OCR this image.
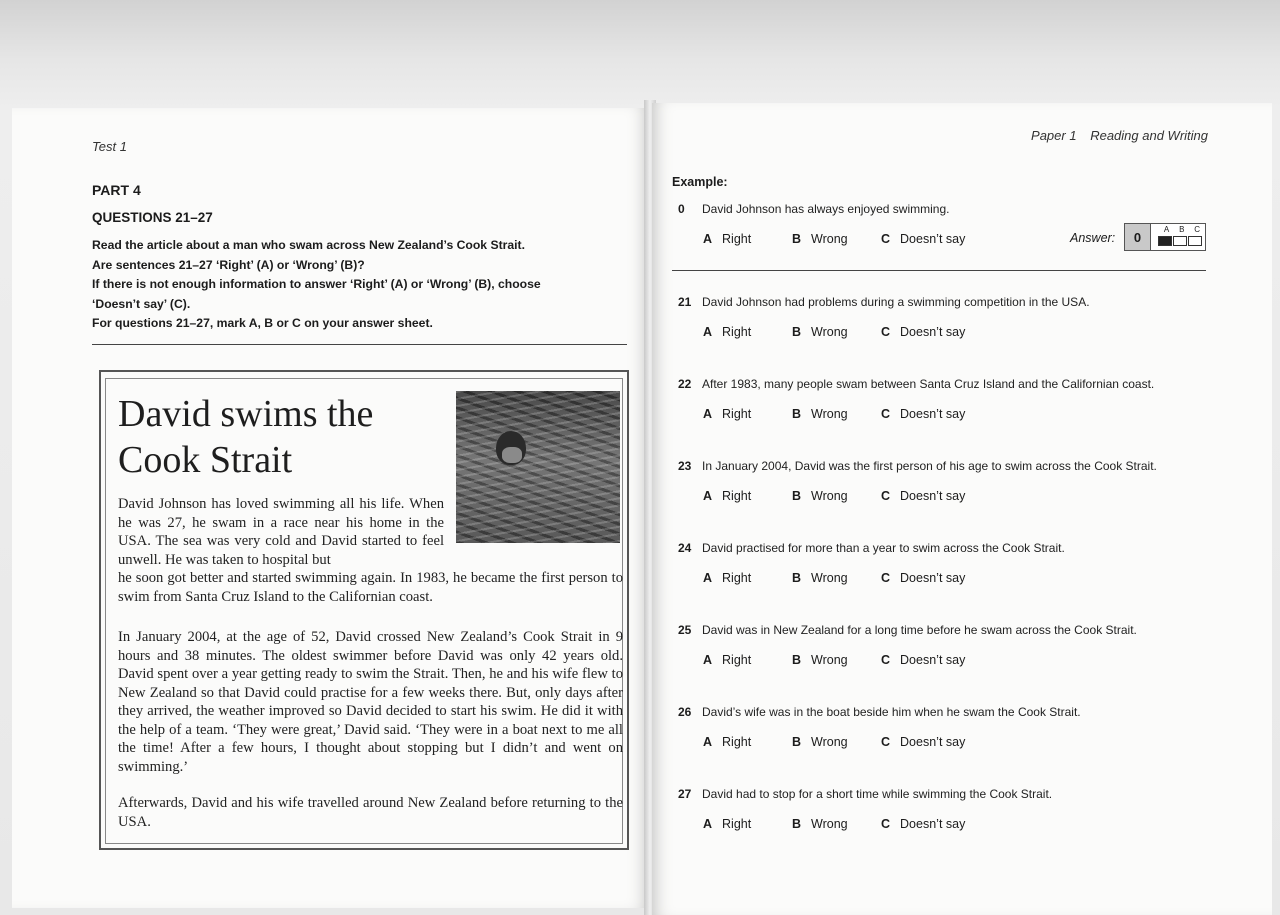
Test 1
PART 4
QUESTIONS 21–27
Read the article about a man who swam across New Zealand’s Cook Strait.
Are sentences 21–27 ‘Right’ (A) or ‘Wrong’ (B)?
If there is not enough information to answer ‘Right’ (A) or ‘Wrong’ (B), choose
‘Doesn’t say’ (C).
For questions 21–27, mark A, B or C on your answer sheet.
David swims the Cook Strait
David Johnson has loved swimming all his life. When he was 27, he swam in a race near his home in the USA. The sea was very cold and David started to feel unwell. He was taken to hospital but
he soon got better and started swimming again. In 1983, he became the first person to swim from Santa Cruz Island to the Californian coast.
In January 2004, at the age of 52, David crossed New Zealand’s Cook Strait in 9 hours and 38 minutes. The oldest swimmer before David was only 42 years old. David spent over a year getting ready to swim the Strait. Then, he and his wife flew to New Zealand so that David could practise for a few weeks there. But, only days after they arrived, the weather improved so David decided to start his swim. He did it with the help of a team. ‘They were great,’ David said. ‘They were in a boat next to me all the time! After a few hours, I thought about stopping but I didn’t and went on swimming.’
Afterwards, David and his wife travelled around New Zealand before returning to the USA.
Paper 1 Reading and Writing
Example:
0 David Johnson has always enjoyed swimming.
A Right	B Wrong	C Doesn’t say	Answer:	0	A B C
21 David Johnson had problems during a swimming competition in the USA.
A Right	B Wrong	C Doesn’t say
22 After 1983, many people swam between Santa Cruz Island and the Californian coast.
A Right	B Wrong	C Doesn’t say
23 In January 2004, David was the first person of his age to swim across the Cook Strait.
A Right	B Wrong	C Doesn’t say
24 David practised for more than a year to swim across the Cook Strait.
A Right	B Wrong	C Doesn’t say
25 David was in New Zealand for a long time before he swam across the Cook Strait.
A Right	B Wrong	C Doesn’t say
26 David’s wife was in the boat beside him when he swam the Cook Strait.
A Right	B Wrong	C Doesn’t say
27 David had to stop for a short time while swimming the Cook Strait.
A Right	B Wrong	C Doesn’t say
